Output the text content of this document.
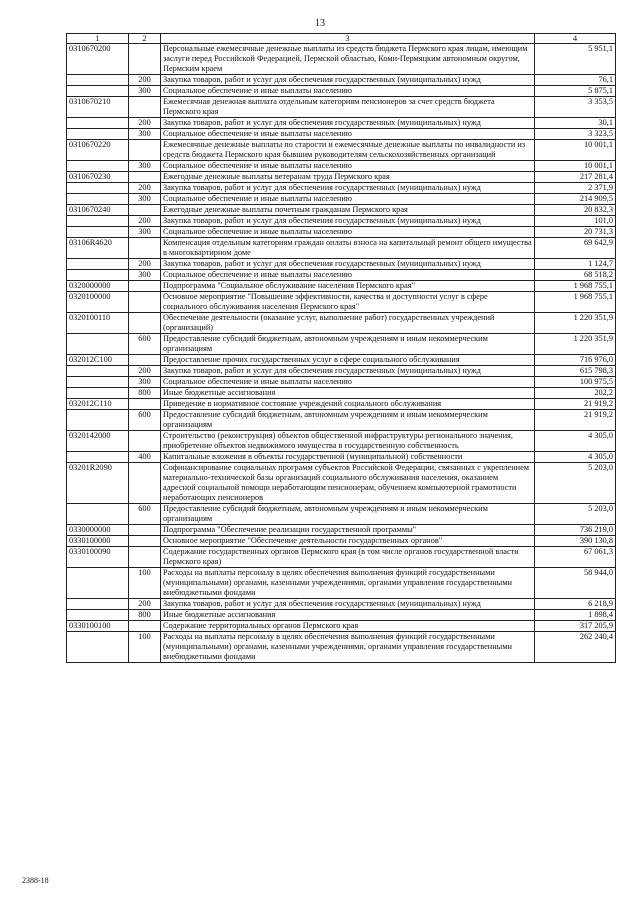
13
1	2	3	4
0310670200		Персональные ежемесячные денежные выплаты из средств бюджета Пермского края лицам, имеющим заслуги перед Российской Федерацией, Пермской областью, Коми-Пермяцким автономным округом, Пермским краем	5 951,1
	200	Закупка товаров, работ и услуг для обеспечения государственных (муниципальных) нужд	76,1
	300	Социальное обеспечение и иные выплаты населению	5 875,1
0310670210		Ежемесячная денежная выплата отдельным категориям пенсионеров за счет средств бюджета Пермского края	3 353,5
	200	Закупка товаров, работ и услуг для обеспечения государственных (муниципальных) нужд	30,1
	300	Социальное обеспечение и иные выплаты населению	3 323,5
0310670220		Ежемесячные денежные выплаты по старости и ежемесячные денежные выплаты по инвалидности из средств бюджета Пермского края бывшим руководителям сельскохозяйственных организаций	10 001,1
	300	Социальное обеспечение и иные выплаты населению	10 001,1
0310670230		Ежегодные денежные выплаты ветеранам труда Пермского края	217 281,4
	200	Закупка товаров, работ и услуг для обеспечения государственных (муниципальных) нужд	2 371,9
	300	Социальное обеспечение и иные выплаты населению	214 909,5
0310670240		Ежегодные денежные выплаты почетным гражданам Пермского края	20 832,3
	200	Закупка товаров, работ и услуг для обеспечения государственных (муниципальных) нужд	101,0
	300	Социальное обеспечение и иные выплаты населению	20 731,3
03106R4620		Компенсация отдельным категориям граждан оплаты взноса на капитальный ремонт общего имущества в многоквартирном доме	69 642,9
	200	Закупка товаров, работ и услуг для обеспечения государственных (муниципальных) нужд	1 124,7
	300	Социальное обеспечение и иные выплаты населению	68 518,2
0320000000		Подпрограмма "Социальное обслуживание населения Пермского края"	1 968 755,1
0320100000		Основное мероприятие "Повышение эффективности, качества и доступности услуг в сфере социального обслуживания населения Пермского края"	1 968 755,1
0320100110		Обеспечение деятельности (оказание услуг, выполнение работ) государственных учреждений (организаций)	1 220 351,9
	600	Предоставление субсидий бюджетным, автономным учреждениям и иным некоммерческим организациям	1 220 351,9
032012С100		Предоставление прочих государственных услуг в сфере социального обслуживания	716 976,0
	200	Закупка товаров, работ и услуг для обеспечения государственных (муниципальных) нужд	615 798,3
	300	Социальное обеспечение и иные выплаты населению	100 975,5
	800	Иные бюджетные ассигнования	202,2
032012С110		Приведение в нормативное состояние учреждений социального обслуживания	21 919,2
	600	Предоставление субсидий бюджетным, автономным учреждениям и иным некоммерческим организациям	21 919,2
0320142000		Строительство (реконструкция) объектов общественной инфраструктуры регионального значения, приобретение объектов недвижимого имущества в государственную собственность	4 305,0
	400	Капитальные вложения в объекты государственной (муниципальной) собственности	4 305,0
03201R2090		Софинансирование социальных программ субъектов Российской Федерации, связанных с укреплением материально-технической базы организаций социального обслуживания населения, оказанием адресной социальной помощи неработающим пенсионерам, обучением компьютерной грамотности неработающих пенсионеров	5 203,0
	600	Предоставление субсидий бюджетным, автономным учреждениям и иным некоммерческим организациям	5 203,0
0330000000		Подпрограмма "Обеспечение реализации государственной программы"	736 219,0
0330100000		Основное мероприятие "Обеспечение деятельности государственных органов"	390 130,8
0330100090		Содержание государственных органов Пермского края (в том числе органов государственной власти Пермского края)	67 061,3
	100	Расходы на выплаты персоналу в целях обеспечения выполнения функций государственными (муниципальными) органами, казенными учреждениями, органами управления государственными внебюджетными фондами	58 944,0
	200	Закупка товаров, работ и услуг для обеспечения государственных (муниципальных) нужд	6 218,9
	800	Иные бюджетные ассигнования	1 898,4
0330100100		Содержание территориальных органов Пермского края	317 205,9
	100	Расходы на выплаты персоналу в целях обеспечения выполнения функций государственными (муниципальными) органами, казенными учреждениями, органами управления государственными внебюджетными фондами	262 240,4
2388-18
